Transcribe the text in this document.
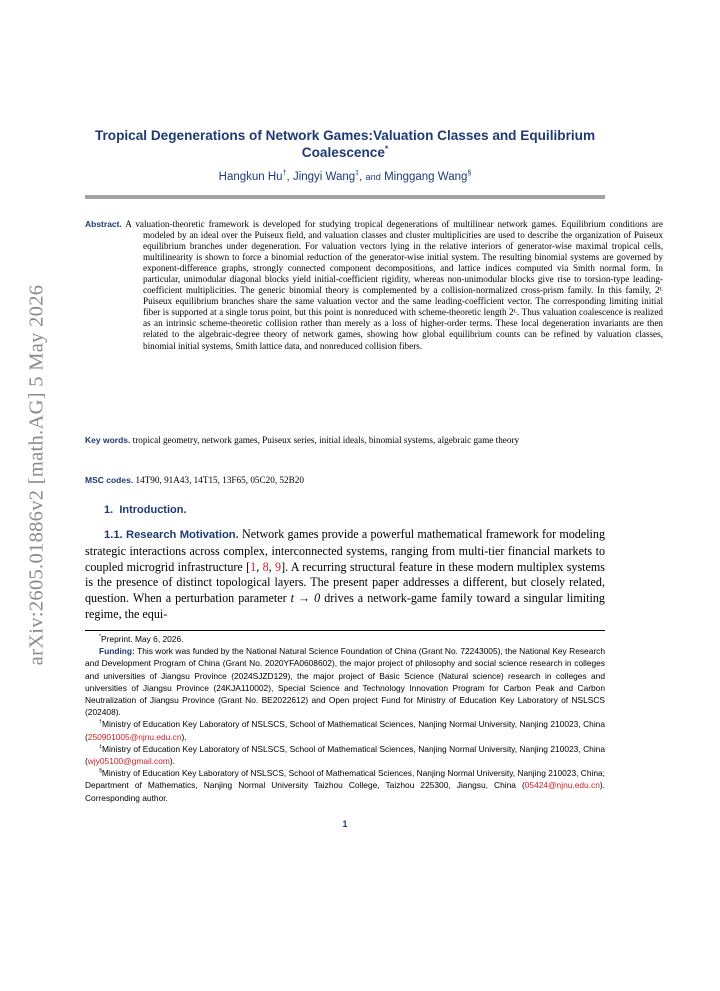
arXiv:2605.01886v2 [math.AG] 5 May 2026
Tropical Degenerations of Network Games:Valuation Classes and Equilibrium Coalescence*
Hangkun Hu†, Jingyi Wang‡, and Minggang Wang§
Abstract. A valuation-theoretic framework is developed for studying tropical degenerations of multilinear network games. Equilibrium conditions are modeled by an ideal over the Puiseux field, and valuation classes and cluster multiplicities are used to describe the organization of Puiseux equilibrium branches under degeneration. For valuation vectors lying in the relative interiors of generator-wise maximal tropical cells, multilinearity is shown to force a binomial reduction of the generator-wise initial system. The resulting binomial systems are governed by exponent-difference graphs, strongly connected component decompositions, and lattice indices computed via Smith normal form. In particular, unimodular diagonal blocks yield initial-coefficient rigidity, whereas non-unimodular blocks give rise to torsion-type leading-coefficient multiplicities. The generic binomial theory is complemented by a collision-normalized cross-prism family. In this family, 2ᴸ Puiseux equilibrium branches share the same valuation vector and the same leading-coefficient vector. The corresponding limiting initial fiber is supported at a single torus point, but this point is nonreduced with scheme-theoretic length 2ᴸ. Thus valuation coalescence is realized as an intrinsic scheme-theoretic collision rather than merely as a loss of higher-order terms. These local degeneration invariants are then related to the algebraic-degree theory of network games, showing how global equilibrium counts can be refined by valuation classes, binomial initial systems, Smith lattice data, and nonreduced collision fibers.
Key words. tropical geometry, network games, Puiseux series, initial ideals, binomial systems, algebraic game theory
MSC codes. 14T90, 91A43, 14T15, 13F65, 05C20, 52B20
1. Introduction.
1.1. Research Motivation. Network games provide a powerful mathematical framework for modeling strategic interactions across complex, interconnected systems, ranging from multi-tier financial markets to coupled microgrid infrastructure [1, 8, 9]. A recurring structural feature in these modern multiplex systems is the presence of distinct topological layers. The present paper addresses a different, but closely related, question. When a perturbation parameter t → 0 drives a network-game family toward a singular limiting regime, the equi-

*Preprint. May 6, 2026.

Funding: This work was funded by the National Natural Science Foundation of China (Grant No. 72243005), the National Key Research and Development Program of China (Grant No. 2020YFA0608602), the major project of philosophy and social science research in colleges and universities of Jiangsu Province (2024SJZD129), the major project of Basic Science (Natural science) research in colleges and universities of Jiangsu Province (24KJA110002), Special Science and Technology Innovation Program for Carbon Peak and Carbon Neutralization of Jiangsu Province (Grant No. BE2022612) and Open project Fund for Ministry of Education Key Laboratory of NSLSCS (202408).

†Ministry of Education Key Laboratory of NSLSCS, School of Mathematical Sciences, Nanjing Normal University, Nanjing 210023, China (250901005@njnu.edu.cn).

‡Ministry of Education Key Laboratory of NSLSCS, School of Mathematical Sciences, Nanjing Normal University, Nanjing 210023, China (wjy05100@gmail.com).

§Ministry of Education Key Laboratory of NSLSCS, School of Mathematical Sciences, Nanjing Normal University, Nanjing 210023, China; Department of Mathematics, Nanjing Normal University Taizhou College, Taizhou 225300, Jiangsu, China (05424@njnu.edu.cn). Corresponding author.

1
